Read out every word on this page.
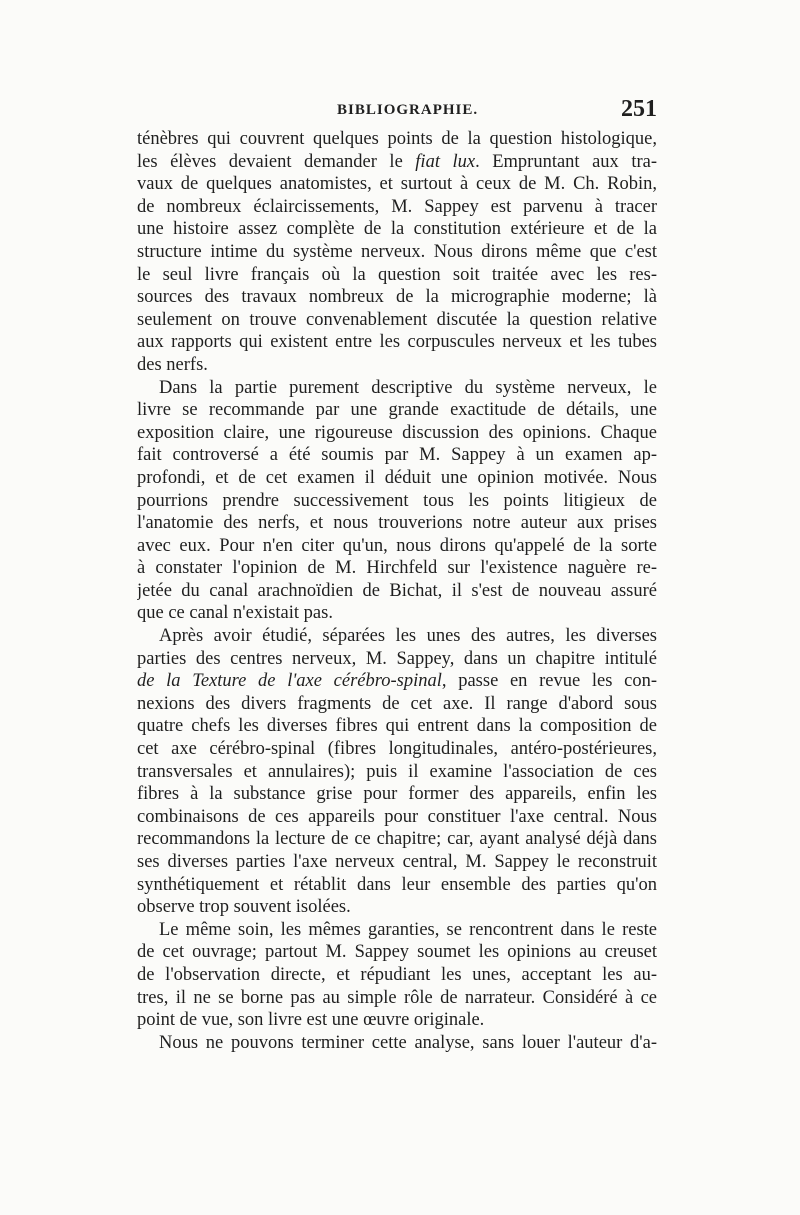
BIBLIOGRAPHIE.	251
ténèbres qui couvrent quelques points de la question histologique,
les élèves devaient demander le fiat lux. Empruntant aux tra-
vaux de quelques anatomistes, et surtout à ceux de M. Ch. Robin,
de nombreux éclaircissements, M. Sappey est parvenu à tracer
une histoire assez complète de la constitution extérieure et de la
structure intime du système nerveux. Nous dirons même que c'est
le seul livre français où la question soit traitée avec les res-
sources des travaux nombreux de la micrographie moderne; là
seulement on trouve convenablement discutée la question relative
aux rapports qui existent entre les corpuscules nerveux et les tubes
des nerfs.
Dans la partie purement descriptive du système nerveux, le
livre se recommande par une grande exactitude de détails, une
exposition claire, une rigoureuse discussion des opinions. Chaque
fait controversé a été soumis par M. Sappey à un examen ap-
profondi, et de cet examen il déduit une opinion motivée. Nous
pourrions prendre successivement tous les points litigieux de
l'anatomie des nerfs, et nous trouverions notre auteur aux prises
avec eux. Pour n'en citer qu'un, nous dirons qu'appelé de la sorte
à constater l'opinion de M. Hirchfeld sur l'existence naguère re-
jetée du canal arachnoïdien de Bichat, il s'est de nouveau assuré
que ce canal n'existait pas.
Après avoir étudié, séparées les unes des autres, les diverses
parties des centres nerveux, M. Sappey, dans un chapitre intitulé
de la Texture de l'axe cérébro-spinal, passe en revue les con-
nexions des divers fragments de cet axe. Il range d'abord sous
quatre chefs les diverses fibres qui entrent dans la composition de
cet axe cérébro-spinal (fibres longitudinales, antéro-postérieures,
transversales et annulaires); puis il examine l'association de ces
fibres à la substance grise pour former des appareils, enfin les
combinaisons de ces appareils pour constituer l'axe central. Nous
recommandons la lecture de ce chapitre; car, ayant analysé déjà dans
ses diverses parties l'axe nerveux central, M. Sappey le reconstruit
synthétiquement et rétablit dans leur ensemble des parties qu'on
observe trop souvent isolées.
Le même soin, les mêmes garanties, se rencontrent dans le reste
de cet ouvrage; partout M. Sappey soumet les opinions au creuset
de l'observation directe, et répudiant les unes, acceptant les au-
tres, il ne se borne pas au simple rôle de narrateur. Considéré à ce
point de vue, son livre est une œuvre originale.
Nous ne pouvons terminer cette analyse, sans louer l'auteur d'a-
